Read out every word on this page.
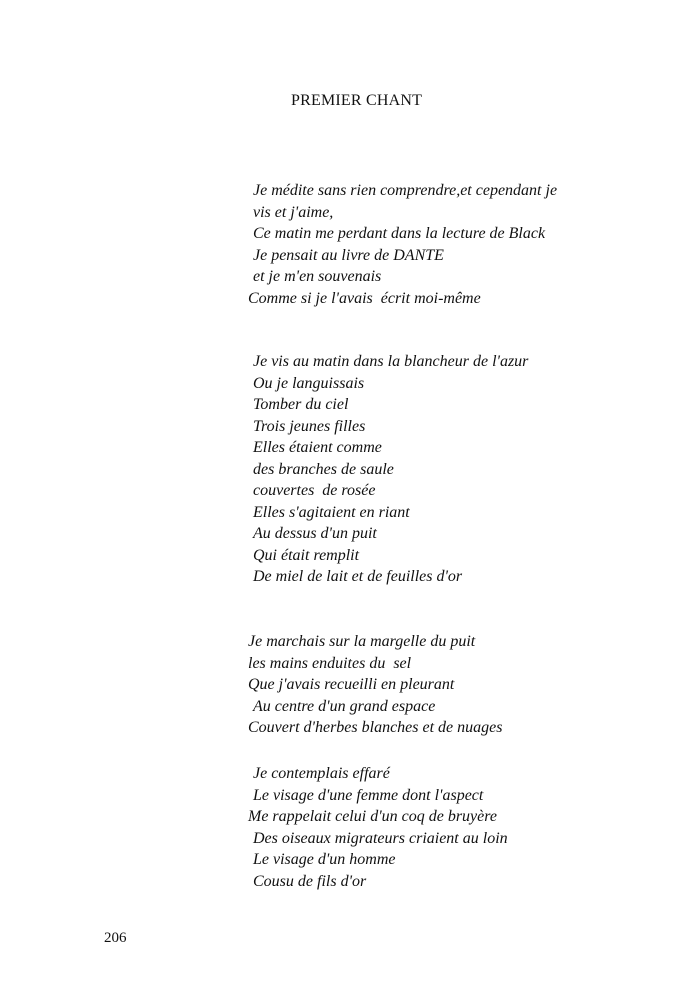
PREMIER CHANT
Je médite sans rien comprendre,et cependant je
vis et j'aime,
Ce matin me perdant dans la lecture de Black
Je pensait au livre de DANTE
et je m'en souvenais
Comme si je l'avais  écrit moi-même
Je vis au matin dans la blancheur de l'azur
Ou je languissais
Tomber du ciel
Trois jeunes filles
Elles étaient comme
des branches de saule
couvertes  de rosée
Elles s'agitaient en riant
Au dessus d'un puit
Qui était remplit
De miel de lait et de feuilles d'or
Je marchais sur la margelle du puit
les mains enduites du  sel
Que j'avais recueilli en pleurant
Au centre d'un grand espace
Couvert d'herbes blanches et de nuages
Je contemplais effaré
Le visage d'une femme dont l'aspect
Me rappelait celui d'un coq de bruyère
Des oiseaux migrateurs criaient au loin
Le visage d'un homme
Cousu de fils d'or
206
